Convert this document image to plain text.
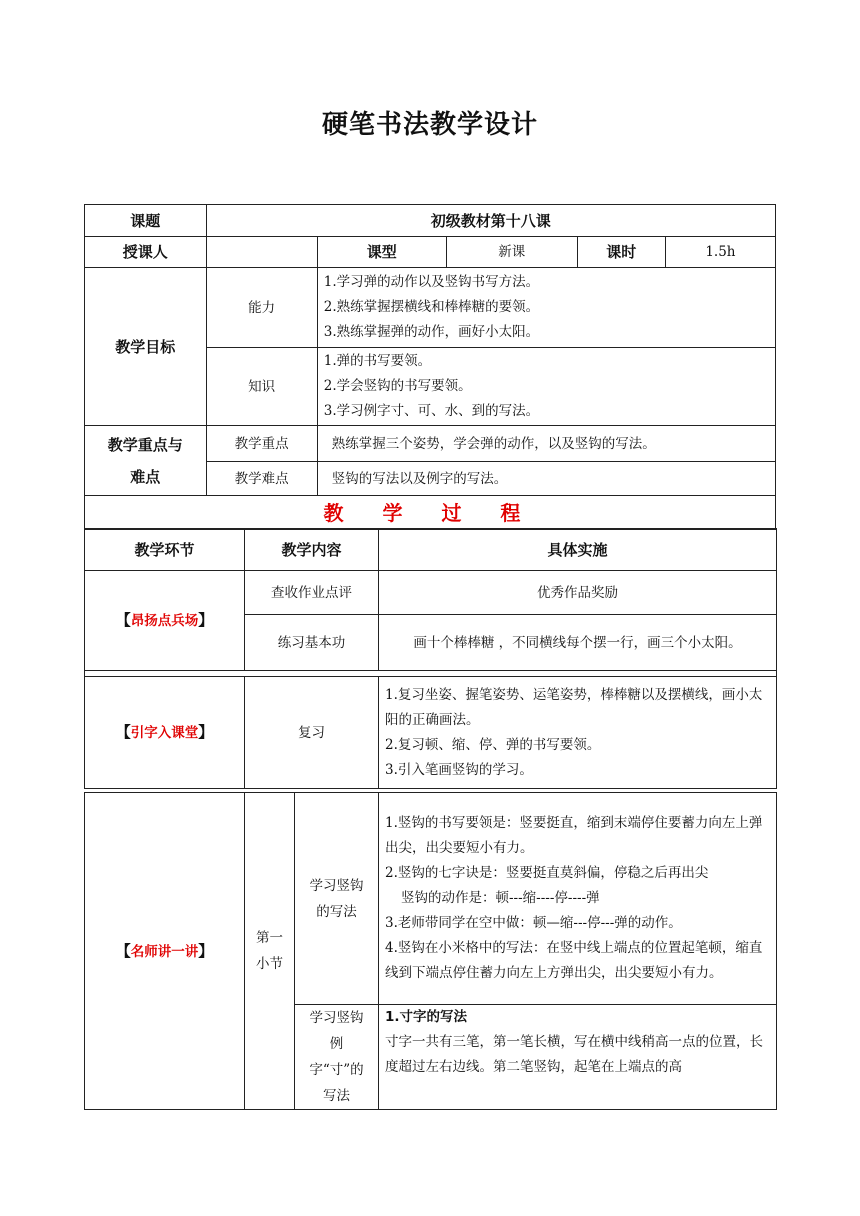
硬笔书法教学设计
课题	初级教材第十八课				
授课人		课型	新课	课时	1.5h
教学目标	能力	1.学习弹的动作以及竖钩书写方法。
2.熟练掌握摆横线和棒棒糖的要领。
3.熟练掌握弹的动作，画好小太阳。			

	知识	1.弹的书写要领。
2.学会竖钩的书写要领。
3.学习例字寸、可、水、到的写法。			

教学重点与
难点	教学重点	熟练掌握三个姿势，学会弹的动作，以及竖钩的写法。			
	教学难点	竖钩的写法以及例字的写法。			
教 学 过 程					
教学环节	教学内容	具体实施
【昂扬点兵场】	查收作业点评	优秀作品奖励
	练习基本功	画十个棒棒糖 ，不同横线每个摆一行，画三个小太阳。

【引字入课堂】	复习	1.复习坐姿、握笔姿势、运笔姿势，棒棒糖以及摆横线，画小太阳的正确画法。
2.复习顿、缩、停、弹的书写要领。
3.引入笔画竖钩的学习。
【名师讲一讲】	第一小节	学习竖钩的写法	1.竖钩的书写要领是：竖要挺直，缩到末端停住要蓄力向左上弹出尖，出尖要短小有力。
2.竖钩的七字诀是：竖要挺直莫斜偏，停稳之后再出尖
竖钩的动作是：顿---缩----停----弹
3.老师带同学在空中做：顿—缩---停---弹的动作。
4.竖钩在小米格中的写法：在竖中线上端点的位置起笔顿，缩直线到下端点停住蓄力向左上方弹出尖，出尖要短小有力。

		学习竖钩例字“寸”的写法	1.寸字的写法
寸字一共有三笔，第一笔长横，写在横中线稍高一点的位置，长度超过左右边线。第二笔竖钩，起笔在上端点的高
